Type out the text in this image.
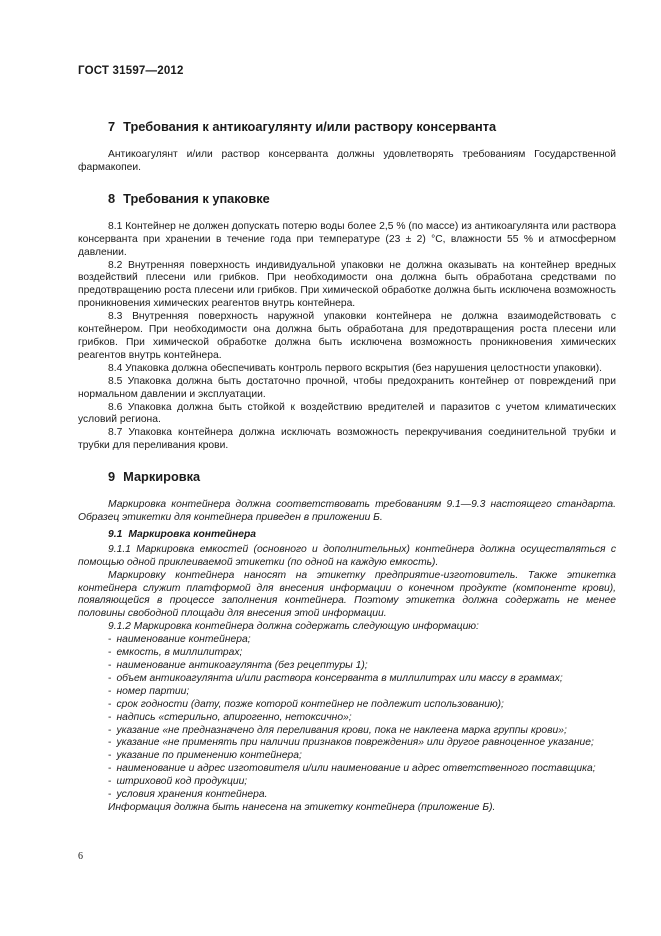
ГОСТ 31597—2012
7 Требования к антикоагулянту и/или раствору консерванта

Антикоагулянт и/или раствор консерванта должны удовлетворять требованиям Государственной фармакопеи.

8 Требования к упаковке

8.1 Контейнер не должен допускать потерю воды более 2,5 % (по массе) из антикоагулянта или раствора консерванта при хранении в течение года при температуре (23 ± 2) °С, влажности 55 % и атмосферном давлении.

8.2 Внутренняя поверхность индивидуальной упаковки не должна оказывать на контейнер вредных воздействий плесени или грибков. При необходимости она должна быть обработана средствами по предотвращению роста плесени или грибков. При химической обработке должна быть исключена возможность проникновения химических реагентов внутрь контейнера.

8.3 Внутренняя поверхность наружной упаковки контейнера не должна взаимодействовать с контейнером. При необходимости она должна быть обработана для предотвращения роста плесени или грибков. При химической обработке должна быть исключена возможность проникновения химических реагентов внутрь контейнера.

8.4 Упаковка должна обеспечивать контроль первого вскрытия (без нарушения целостности упаковки).

8.5 Упаковка должна быть достаточно прочной, чтобы предохранить контейнер от повреждений при нормальном давлении и эксплуатации.

8.6 Упаковка должна быть стойкой к воздействию вредителей и паразитов с учетом климатических условий региона.

8.7 Упаковка контейнера должна исключать возможность перекручивания соединительной трубки и трубки для переливания крови.

9 Маркировка

Маркировка контейнера должна соответствовать требованиям 9.1—9.3 настоящего стандарта. Образец этикетки для контейнера приведен в приложении Б.

9.1 Маркировка контейнера

9.1.1 Маркировка емкостей (основного и дополнительных) контейнера должна осуществляться с помощью одной приклеиваемой этикетки (по одной на каждую емкость).

Маркировку контейнера наносят на этикетку предприятие-изготовитель. Также этикетка контейнера служит платформой для внесения информации о конечном продукте (компоненте крови), появляющейся в процессе заполнения контейнера. Поэтому этикетка должна содержать не менее половины свободной площади для внесения этой информации.

9.1.2 Маркировка контейнера должна содержать следующую информацию:

- наименование контейнера;

- емкость, в миллилитрах;

- наименование антикоагулянта (без рецептуры 1);

- объем антикоагулянта и/или раствора консерванта в миллилитрах или массу в граммах;

- номер партии;

- срок годности (дату, позже которой контейнер не подлежит использованию);

- надпись «стерильно, апирогенно, нетоксично»;

- указание «не предназначено для переливания крови, пока не наклеена марка группы крови»;

- указание «не применять при наличии признаков повреждения» или другое равноценное указание;

- указание по применению контейнера;

- наименование и адрес изготовителя и/или наименование и адрес ответственного поставщика;

- штриховой код продукции;

- условия хранения контейнера.

Информация должна быть нанесена на этикетку контейнера (приложение Б).

6
